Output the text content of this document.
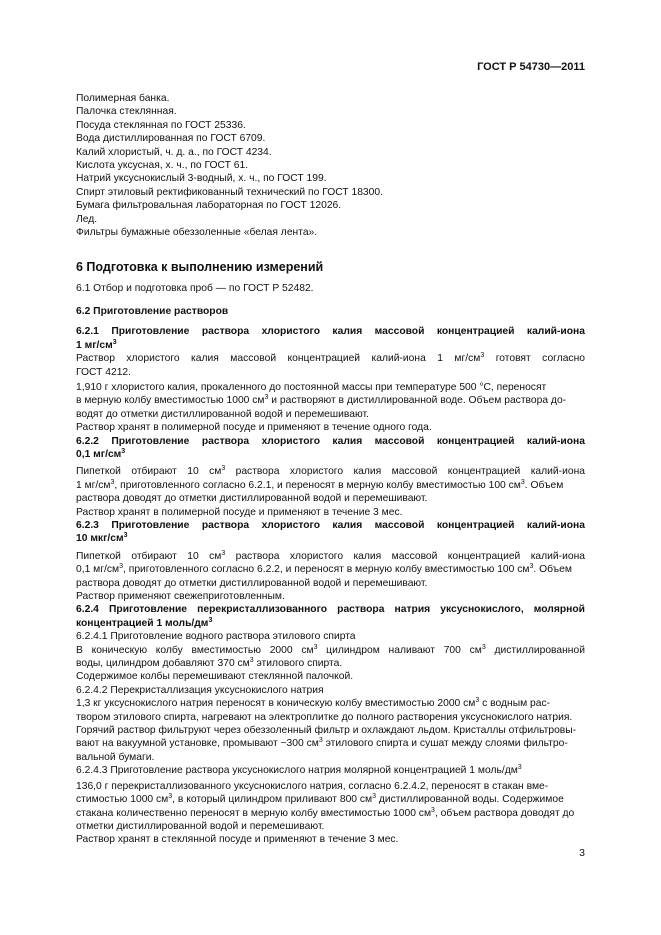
ГОСТ Р 54730—2011
Полимерная банка.
Палочка стеклянная.
Посуда стеклянная по ГОСТ 25336.
Вода дистиллированная по ГОСТ 6709.
Калий хлористый, ч. д. а., по ГОСТ 4234.
Кислота уксусная, х. ч., по ГОСТ 61.
Натрий уксуснокислый 3-водный, х. ч., по ГОСТ 199.
Спирт этиловый ректификованный технический по ГОСТ 18300.
Бумага фильтровальная лабораторная по ГОСТ 12026.
Лед.
Фильтры бумажные обеззоленные «белая лента».
6 Подготовка к выполнению измерений

6.1 Отбор и подготовка проб — по ГОСТ Р 52482.

6.2 Приготовление растворов

6.2.1 Приготовление раствора хлористого калия массовой концентрацией калий-иона

1 $мг/см^3$

Раствор хлористого калия массовой концентрацией калий-иона 1 $мг/см^3$ готовят согласно

ГОСТ 4212.

1,910 г хлористого калия, прокаленного до постоянной массы при температуре 500 °С, переносят
в мерную колбу вместимостью 1000 $см^3$ и растворяют в дистиллированной воде. Объем раствора до-
водят до отметки дистиллированной водой и перемешивают.

Раствор хранят в полимерной посуде и применяют в течение одного года.

6.2.2 Приготовление раствора хлористого калия массовой концентрацией калий-иона

0,1 $мг/см^3$

Пипеткой отбирают 10 $см^3$ раствора хлористого калия массовой концентрацией калий-иона

1 $мг/см^3$, приготовленного согласно 6.2.1, и переносят в мерную колбу вместимостью 100 $см^3$. Объем
раствора доводят до отметки дистиллированной водой и перемешивают.

Раствор хранят в полимерной посуде и применяют в течение 3 мес.

6.2.3 Приготовление раствора хлористого калия массовой концентрацией калий-иона

10 мкг/$см^3$

Пипеткой отбирают 10 $см^3$ раствора хлористого калия массовой концентрацией калий-иона

0,1 $мг/см^3$, приготовленного согласно 6.2.2, и переносят в мерную колбу вместимостью 100 $см^3$. Объем
раствора доводят до отметки дистиллированной водой и перемешивают.

Раствор применяют свежеприготовленным.

6.2.4 Приготовление перекристаллизованного раствора натрия уксуснокислого, молярной

концентрацией 1 моль/$дм^3$

6.2.4.1 Приготовление водного раствора этилового спирта

В коническую колбу вместимостью 2000 $см^3$ цилиндром наливают 700 $см^3$ дистиллированной

воды, цилиндром добавляют 370 $см^3$ этилового спирта.

Содержимое колбы перемешивают стеклянной палочкой.

6.2.4.2 Перекристаллизация уксуснокислого натрия

1,3 кг уксуснокислого натрия переносят в коническую колбу вместимостью 2000 $см^3$ с водным рас-
твором этилового спирта, нагревают на электроплитке до полного растворения уксуснокислого натрия.
Горячий раствор фильтруют через обеззоленный фильтр и охлаждают льдом. Кристаллы отфильтровы-
вают на вакуумной установке, промывают ~300 $см^3$ этилового спирта и сушат между слоями фильтро-
вальной бумаги.

6.2.4.3 Приготовление раствора уксуснокислого натрия молярной концентрацией 1 моль/$дм^3$

136,0 г перекристаллизованного уксуснокислого натрия, согласно 6.2.4.2, переносят в стакан вме-
стимостью 1000 $см^3$, в который цилиндром приливают 800 $см^3$ дистиллированной воды. Содержимое
стакана количественно переносят в мерную колбу вместимостью 1000 $см^3$, объем раствора доводят до
отметки дистиллированной водой и перемешивают.

Раствор хранят в стеклянной посуде и применяют в течение 3 мес.

3
